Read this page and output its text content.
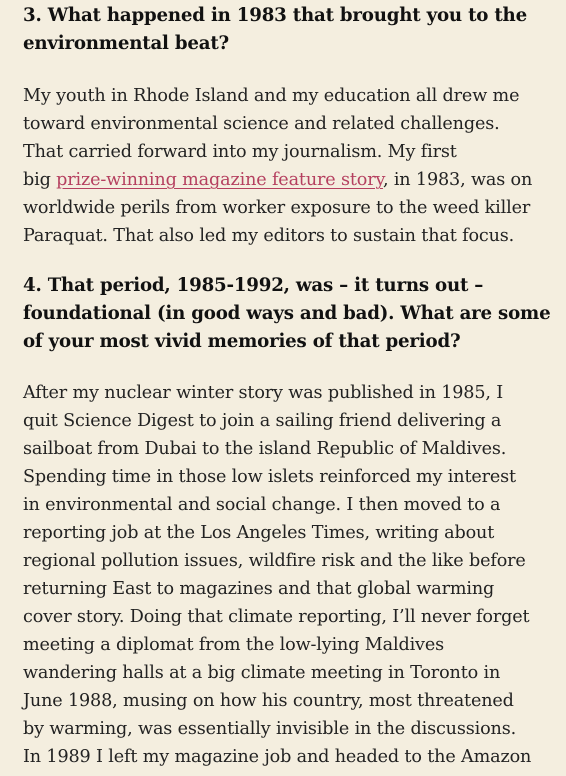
3. What happened in 1983 that brought you to the
environmental beat?

My youth in Rhode Island and my education all drew me
toward environmental science and related challenges.
That carried forward into my journalism. My first
big prize-winning magazine feature story, in 1983, was on
worldwide perils from worker exposure to the weed killer
Paraquat. That also led my editors to sustain that focus.

4. That period, 1985-1992, was – it turns out –
foundational (in good ways and bad). What are some
of your most vivid memories of that period?

After my nuclear winter story was published in 1985, I
quit Science Digest to join a sailing friend delivering a
sailboat from Dubai to the island Republic of Maldives.
Spending time in those low islets reinforced my interest
in environmental and social change. I then moved to a
reporting job at the Los Angeles Times, writing about
regional pollution issues, wildfire risk and the like before
returning East to magazines and that global warming
cover story. Doing that climate reporting, I’ll never forget
meeting a diplomat from the low-lying Maldives
wandering halls at a big climate meeting in Toronto in
June 1988, musing on how his country, most threatened
by warming, was essentially invisible in the discussions.
In 1989 I left my magazine job and headed to the Amazon
